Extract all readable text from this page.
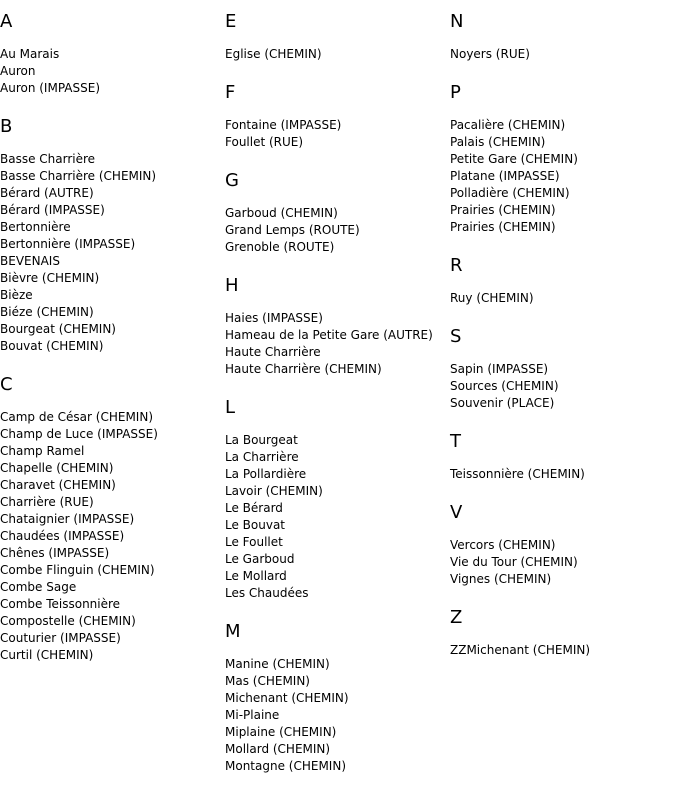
A
Au Marais
Auron
Auron (IMPASSE)
B
Basse Charrière
Basse Charrière (CHEMIN)
Bérard (AUTRE)
Bérard (IMPASSE)
Bertonnière
Bertonnière (IMPASSE)
BEVENAIS
Bièvre (CHEMIN)
Bièze
Biéze (CHEMIN)
Bourgeat (CHEMIN)
Bouvat (CHEMIN)
C
Camp de César (CHEMIN)
Champ de Luce (IMPASSE)
Champ Ramel
Chapelle (CHEMIN)
Charavet (CHEMIN)
Charrière (RUE)
Chataignier (IMPASSE)
Chaudées (IMPASSE)
Chênes (IMPASSE)
Combe Flinguin (CHEMIN)
Combe Sage
Combe Teissonnière
Compostelle (CHEMIN)
Couturier (IMPASSE)
Curtil (CHEMIN)
E
Eglise (CHEMIN)
F
Fontaine (IMPASSE)
Foullet (RUE)
G
Garboud (CHEMIN)
Grand Lemps (ROUTE)
Grenoble (ROUTE)
H
Haies (IMPASSE)
Hameau de la Petite Gare (AUTRE)
Haute Charrière
Haute Charrière (CHEMIN)
L
La Bourgeat
La Charrière
La Pollardière
Lavoir (CHEMIN)
Le Bérard
Le Bouvat
Le Foullet
Le Garboud
Le Mollard
Les Chaudées
M
Manine (CHEMIN)
Mas (CHEMIN)
Michenant (CHEMIN)
Mi-Plaine
Miplaine (CHEMIN)
Mollard (CHEMIN)
Montagne (CHEMIN)
N
Noyers (RUE)
P
Pacalière (CHEMIN)
Palais (CHEMIN)
Petite Gare (CHEMIN)
Platane (IMPASSE)
Polladière (CHEMIN)
Prairies (CHEMIN)
Prairies (CHEMIN)
R
Ruy (CHEMIN)
S
Sapin (IMPASSE)
Sources (CHEMIN)
Souvenir (PLACE)
T
Teissonnière (CHEMIN)
V
Vercors (CHEMIN)
Vie du Tour (CHEMIN)
Vignes (CHEMIN)
Z
ZZMichenant (CHEMIN)
